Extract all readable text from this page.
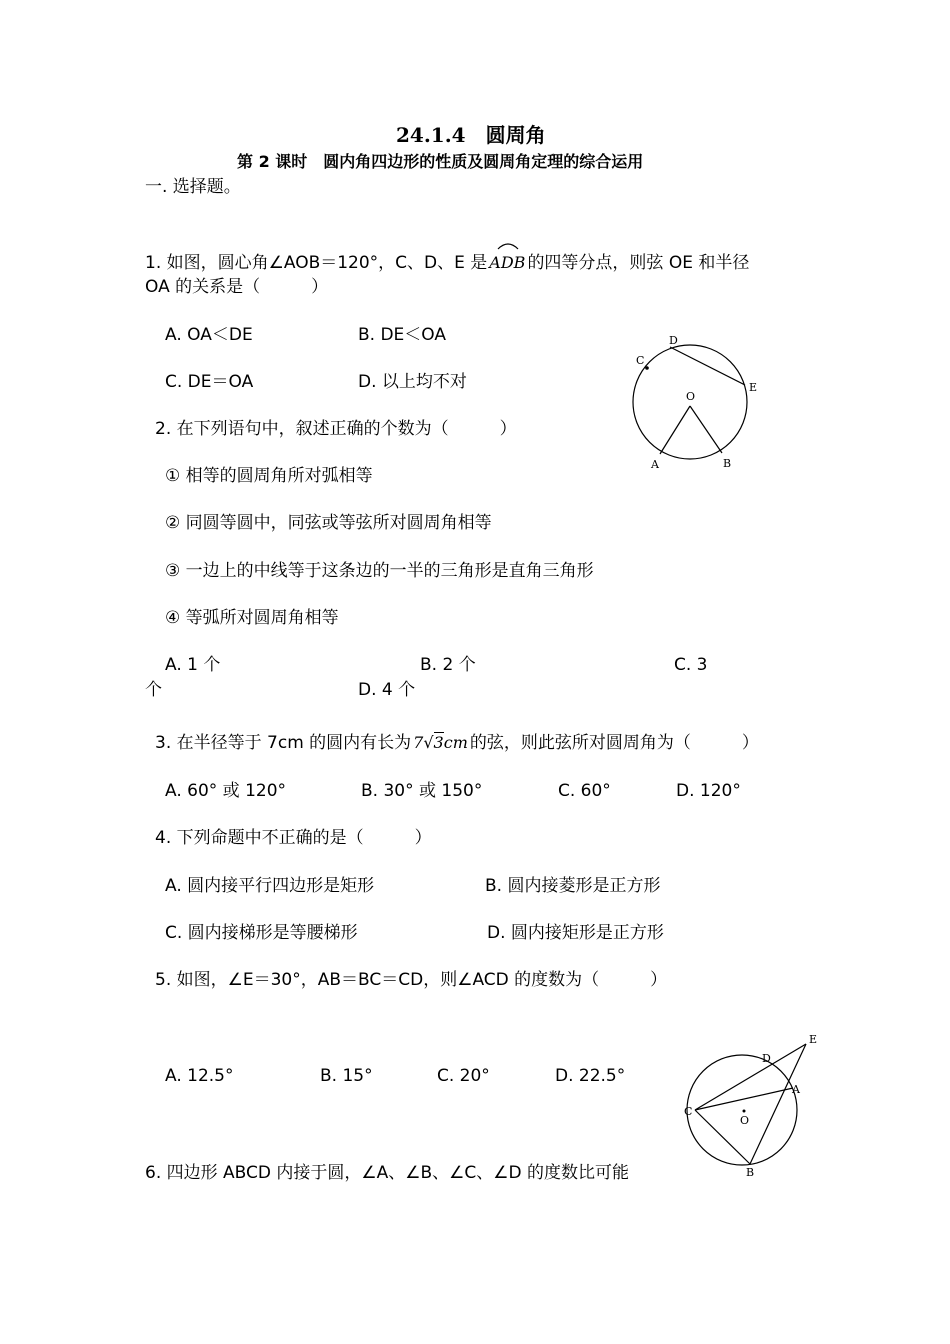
24.1.4　圆周角
第 2 课时　圆内角四边形的性质及圆周角定理的综合运用
一. 选择题。
1. 如图，圆心角∠AOB＝120°，C、D、E 是 ADB 的四等分点，则弦 OE 和半径
OA 的关系是（　　　）
A. OA＜DE	B. DE＜OA
C. DE＝OA	D. 以上均不对
C
D
E
O
A	B
2. 在下列语句中，叙述正确的个数为（　　　）
① 相等的圆周角所对弧相等
② 同圆等圆中，同弦或等弦所对圆周角相等
③ 一边上的中线等于这条边的一半的三角形是直角三角形
④ 等弧所对圆周角相等
A. 1 个	B. 2 个	C. 3
个	D. 4 个
3. 在半径等于 7cm 的圆内有长为 7√3cm 的弦，则此弦所对圆周角为（　　　）
A. 60° 或 120°	B. 30° 或 150°	C. 60°	D. 120°
4. 下列命题中不正确的是（　　　）
A. 圆内接平行四边形是矩形	B. 圆内接菱形是正方形
C. 圆内接梯形是等腰梯形	D. 圆内接矩形是正方形
5. 如图，∠E＝30°，AB＝BC＝CD，则∠ACD 的度数为（　　　）
A. 12.5°	B. 15°	C. 20°	D. 22.5°
E
D
A
C
O
B
6. 四边形 ABCD 内接于圆，∠A、∠B、∠C、∠D 的度数比可能
